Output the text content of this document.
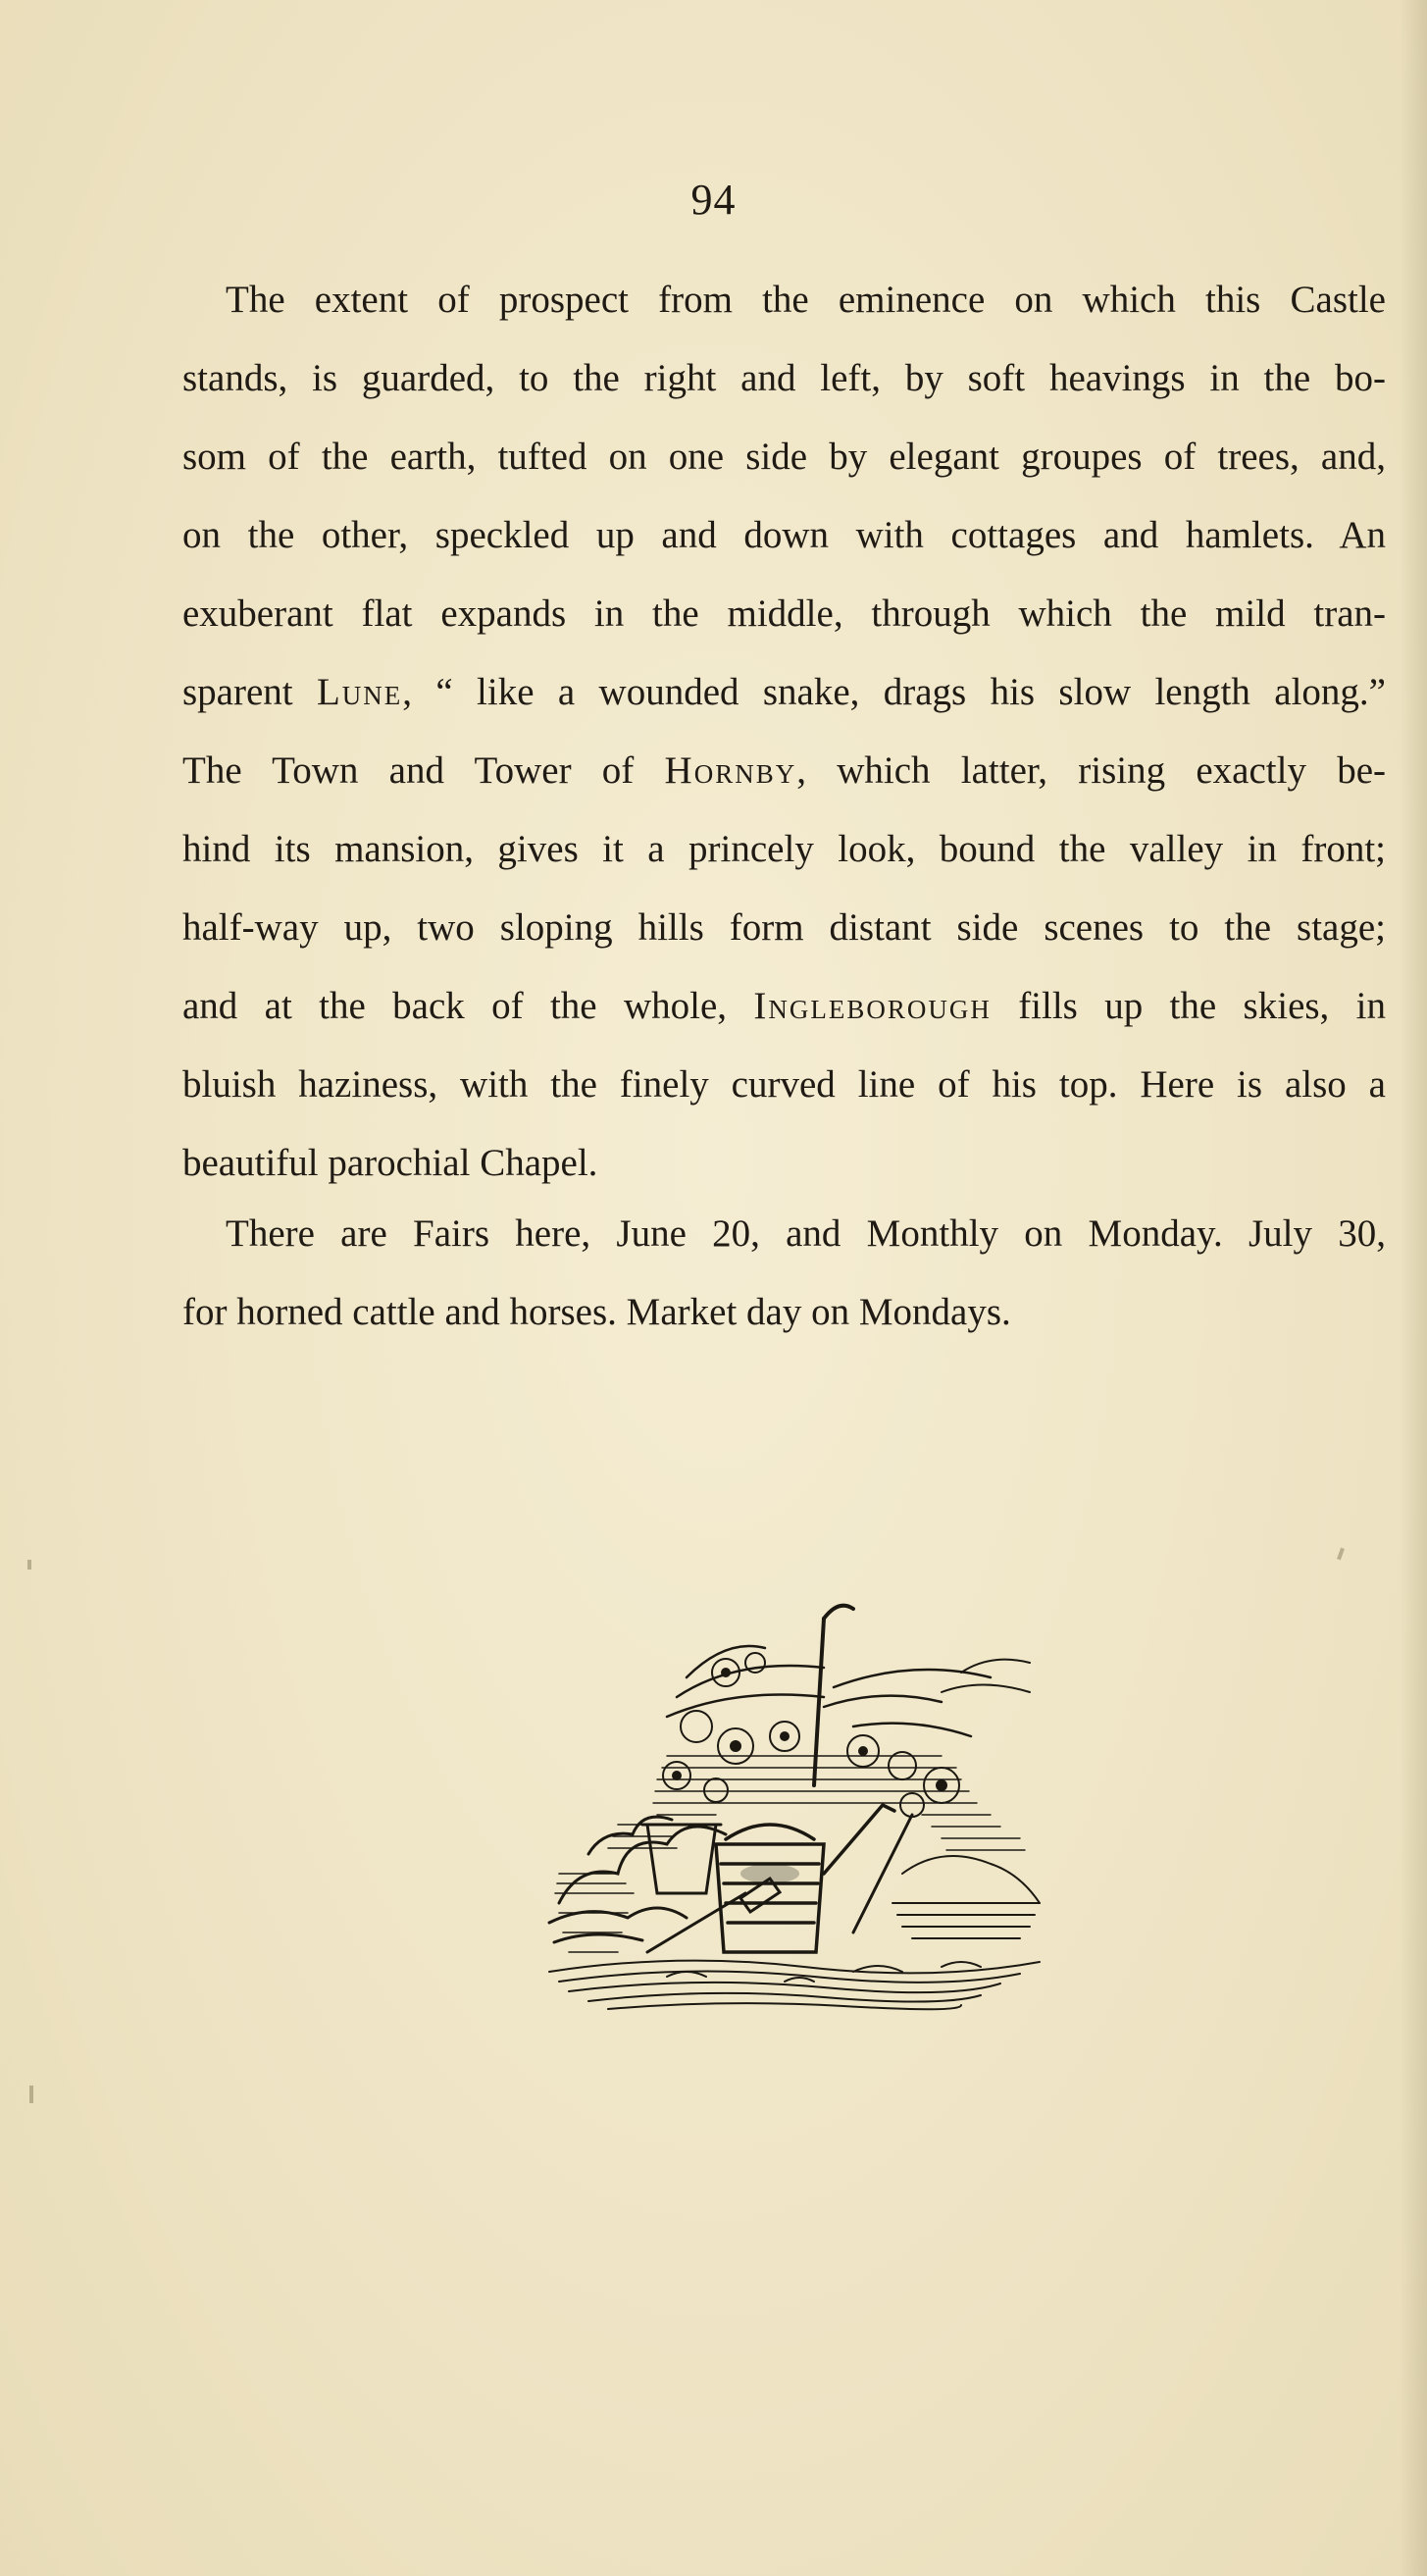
94
The extent of prospect from the eminence on which this Castle
stands, is guarded, to the right and left, by soft heavings in the bo-
som of the earth, tufted on one side by elegant groupes of trees, and,
on the other, speckled up and down with cottages and hamlets. An
exuberant flat expands in the middle, through which the mild tran-
sparent Lune, “ like a wounded snake, drags his slow length along.”
The Town and Tower of Hornby, which latter, rising exactly be-
hind its mansion, gives it a princely look, bound the valley in front;
half-way up, two sloping hills form distant side scenes to the stage;
and at the back of the whole, Ingleborough fills up the skies, in
bluish haziness, with the finely curved line of his top. Here is also a
beautiful parochial Chapel.
There are Fairs here, June 20, and Monthly on Monday. July 30,
for horned cattle and horses. Market day on Mondays.
